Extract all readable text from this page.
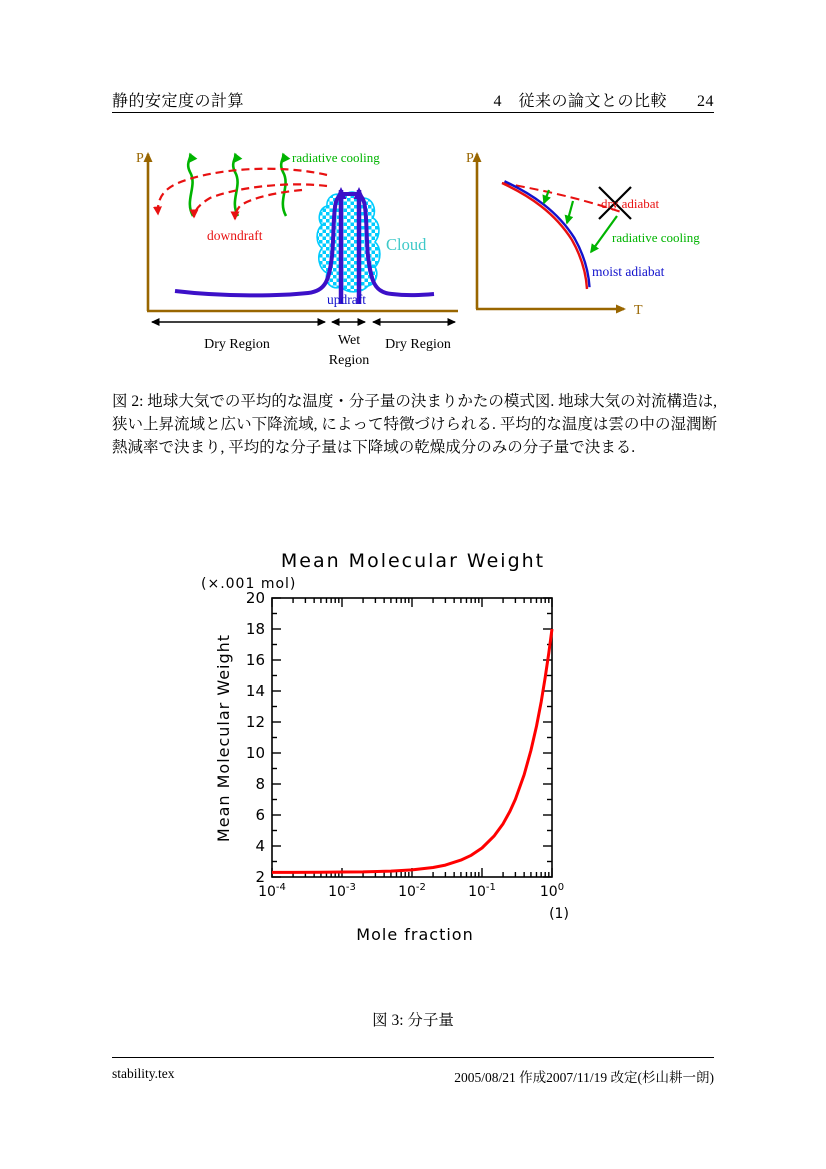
静的安定度の計算	4　従来の論文との比較 24
P	radiative cooling
downdraft	Cloud
updraft
Dry Region	Wet
Region
Dry Region
P
T
dry adiabat
radiative cooling
moist adiabat
図 2: 地球大気での平均的な温度・分子量の決まりかたの模式図. 地球大気の対流構造は, 狭い上昇流域と広い下降流域, によって特徴づけられる. 平均的な温度は雲の中の湿潤断熱減率で決まり, 平均的な分子量は下降域の乾燥成分のみの分子量で決まる.
Mean Molecular Weight
(×.001 mol)
Mean Molecular Weight
2
4
6
8
10
12
14
16
18
20
$10^{-4}$	$10^{-3}$	$10^{-2}$	$10^{-1}$	$10^0$
(1)
Mole fraction
図 3: 分子量
stability.tex	2005/08/21 作成2007/11/19 改定(杉山耕一朗)
